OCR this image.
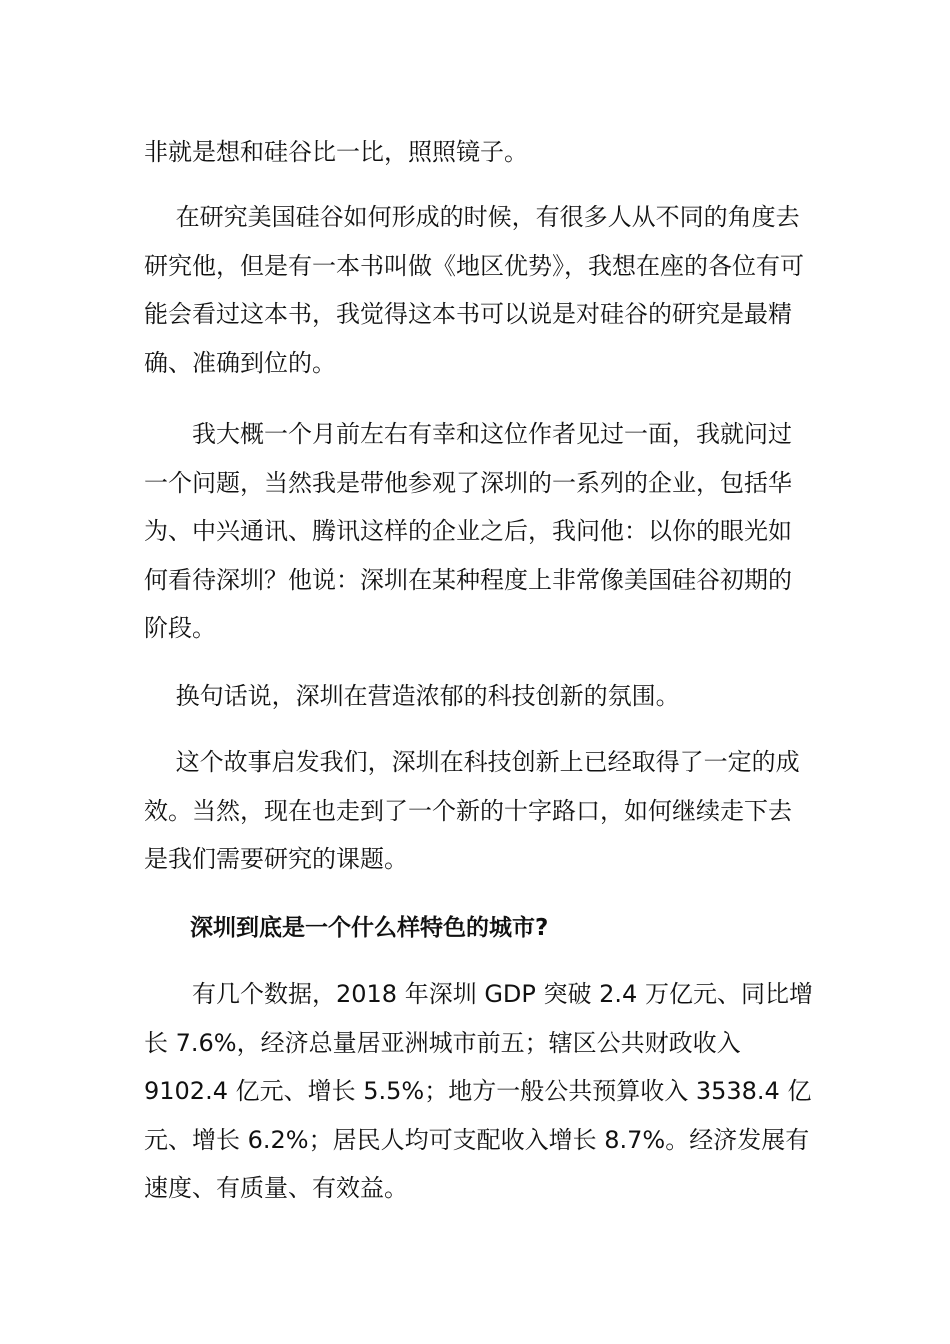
非就是想和硅谷比一比，照照镜子。

　 在研究美国硅谷如何形成的时候，有很多人从不同的角度去研究他，但是有一本书叫做《地区优势》，我想在座的各位有可能会看过这本书，我觉得这本书可以说是对硅谷的研究是最精确、准确到位的。

　　我大概一个月前左右有幸和这位作者见过一面，我就问过一个问题，当然我是带他参观了深圳的一系列的企业，包括华为、中兴通讯、腾讯这样的企业之后，我问他：以你的眼光如何看待深圳？他说：深圳在某种程度上非常像美国硅谷初期的阶段。

　 换句话说，深圳在营造浓郁的科技创新的氛围。

　 这个故事启发我们，深圳在科技创新上已经取得了一定的成效。当然，现在也走到了一个新的十字路口，如何继续走下去是我们需要研究的课题。

　　深圳到底是一个什么样特色的城市?

　　有几个数据，2018 年深圳 GDP 突破 2.4 万亿元、同比增长 7.6%，经济总量居亚洲城市前五；辖区公共财政收入 9102.4 亿元、增长 5.5%；地方一般公共预算收入 3538.4 亿元、增长 6.2%；居民人均可支配收入增长 8.7%。经济发展有速度、有质量、有效益。
